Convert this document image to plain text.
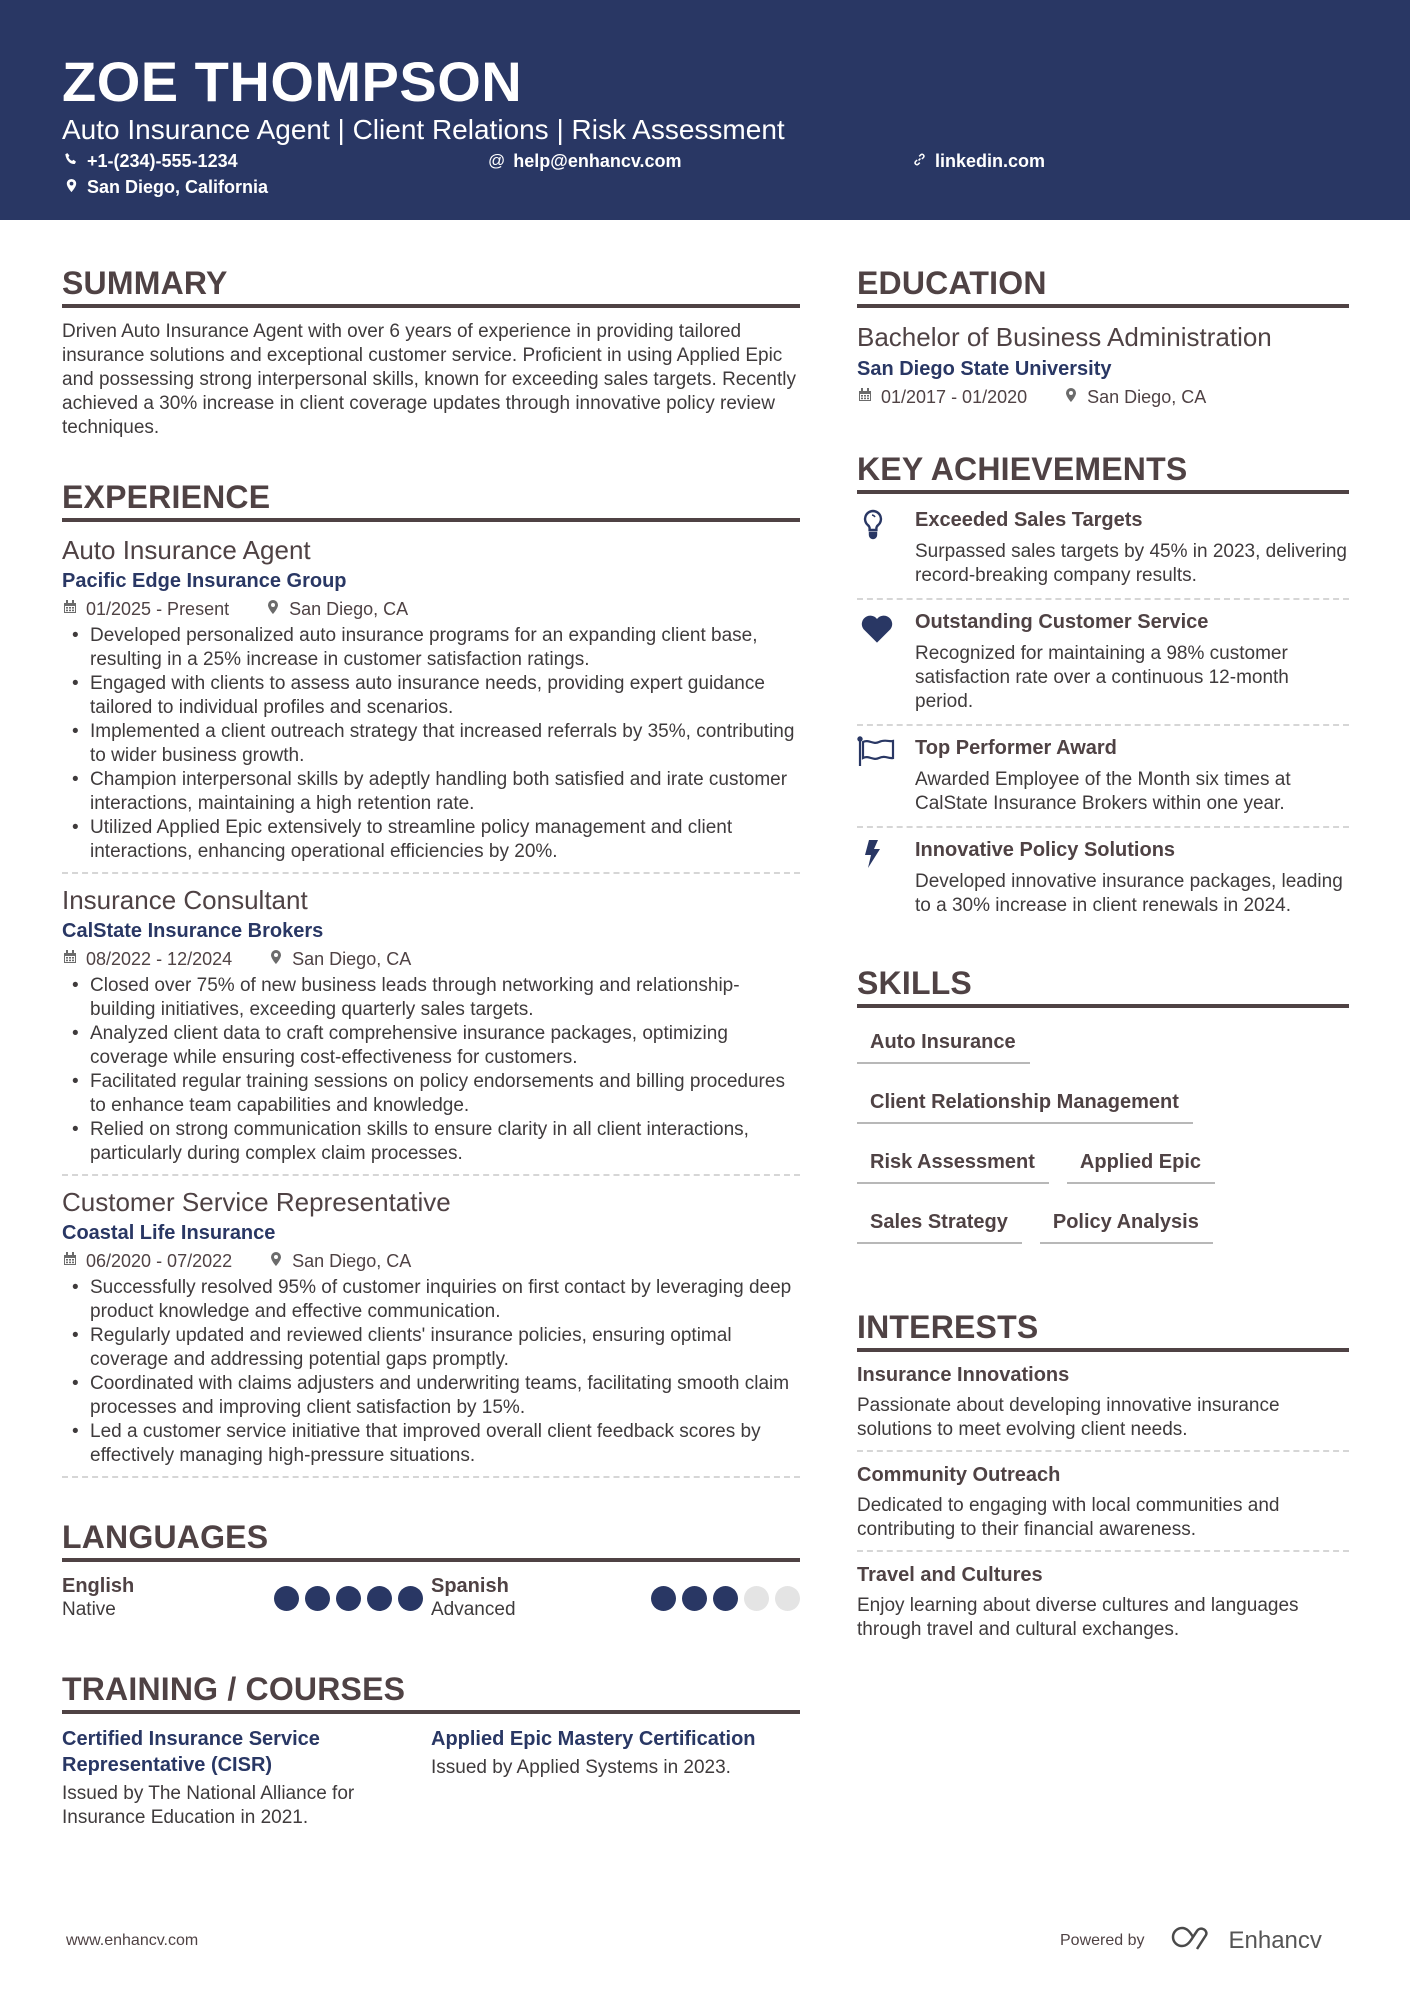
ZOE THOMPSON
Auto Insurance Agent | Client Relations | Risk Assessment
+1-(234)-555-1234	@ help@enhancv.com	linkedin.com
San Diego, California
SUMMARY
Driven Auto Insurance Agent with over 6 years of experience in providing tailored insurance solutions and exceptional customer service. Proficient in using Applied Epic and possessing strong interpersonal skills, known for exceeding sales targets. Recently achieved a 30% increase in client coverage updates through innovative policy review techniques.
EXPERIENCE
Auto Insurance Agent
Pacific Edge Insurance Group
01/2025 - Present	San Diego, CA
• Developed personalized auto insurance programs for an expanding client base, resulting in a 25% increase in customer satisfaction ratings.
• Engaged with clients to assess auto insurance needs, providing expert guidance tailored to individual profiles and scenarios.
• Implemented a client outreach strategy that increased referrals by 35%, contributing to wider business growth.
• Champion interpersonal skills by adeptly handling both satisfied and irate customer interactions, maintaining a high retention rate.
• Utilized Applied Epic extensively to streamline policy management and client interactions, enhancing operational efficiencies by 20%.
Insurance Consultant
CalState Insurance Brokers
08/2022 - 12/2024	San Diego, CA
• Closed over 75% of new business leads through networking and relationship-building initiatives, exceeding quarterly sales targets.
• Analyzed client data to craft comprehensive insurance packages, optimizing coverage while ensuring cost-effectiveness for customers.
• Facilitated regular training sessions on policy endorsements and billing procedures to enhance team capabilities and knowledge.
• Relied on strong communication skills to ensure clarity in all client interactions, particularly during complex claim processes.
Customer Service Representative
Coastal Life Insurance
06/2020 - 07/2022	San Diego, CA
• Successfully resolved 95% of customer inquiries on first contact by leveraging deep product knowledge and effective communication.
• Regularly updated and reviewed clients' insurance policies, ensuring optimal coverage and addressing potential gaps promptly.
• Coordinated with claims adjusters and underwriting teams, facilitating smooth claim processes and improving client satisfaction by 15%.
• Led a customer service initiative that improved overall client feedback scores by effectively managing high-pressure situations.
LANGUAGES
English
Native
Spanish
Advanced
TRAINING / COURSES
Certified Insurance Service Representative (CISR)
Issued by The National Alliance for Insurance Education in 2021.
Applied Epic Mastery Certification
Issued by Applied Systems in 2023.
EDUCATION
Bachelor of Business Administration
San Diego State University
01/2017 - 01/2020	San Diego, CA
KEY ACHIEVEMENTS
Exceeded Sales Targets
Surpassed sales targets by 45% in 2023, delivering record-breaking company results.
Outstanding Customer Service
Recognized for maintaining a 98% customer satisfaction rate over a continuous 12-month period.
Top Performer Award
Awarded Employee of the Month six times at CalState Insurance Brokers within one year.
Innovative Policy Solutions
Developed innovative insurance packages, leading to a 30% increase in client renewals in 2024.
SKILLS
Auto Insurance
Client Relationship Management
Risk Assessment	Applied Epic
Sales Strategy	Policy Analysis
INTERESTS
Insurance Innovations
Passionate about developing innovative insurance solutions to meet evolving client needs.
Community Outreach
Dedicated to engaging with local communities and contributing to their financial awareness.
Travel and Cultures
Enjoy learning about diverse cultures and languages through travel and cultural exchanges.
www.enhancv.com	Powered by	Enhancv
